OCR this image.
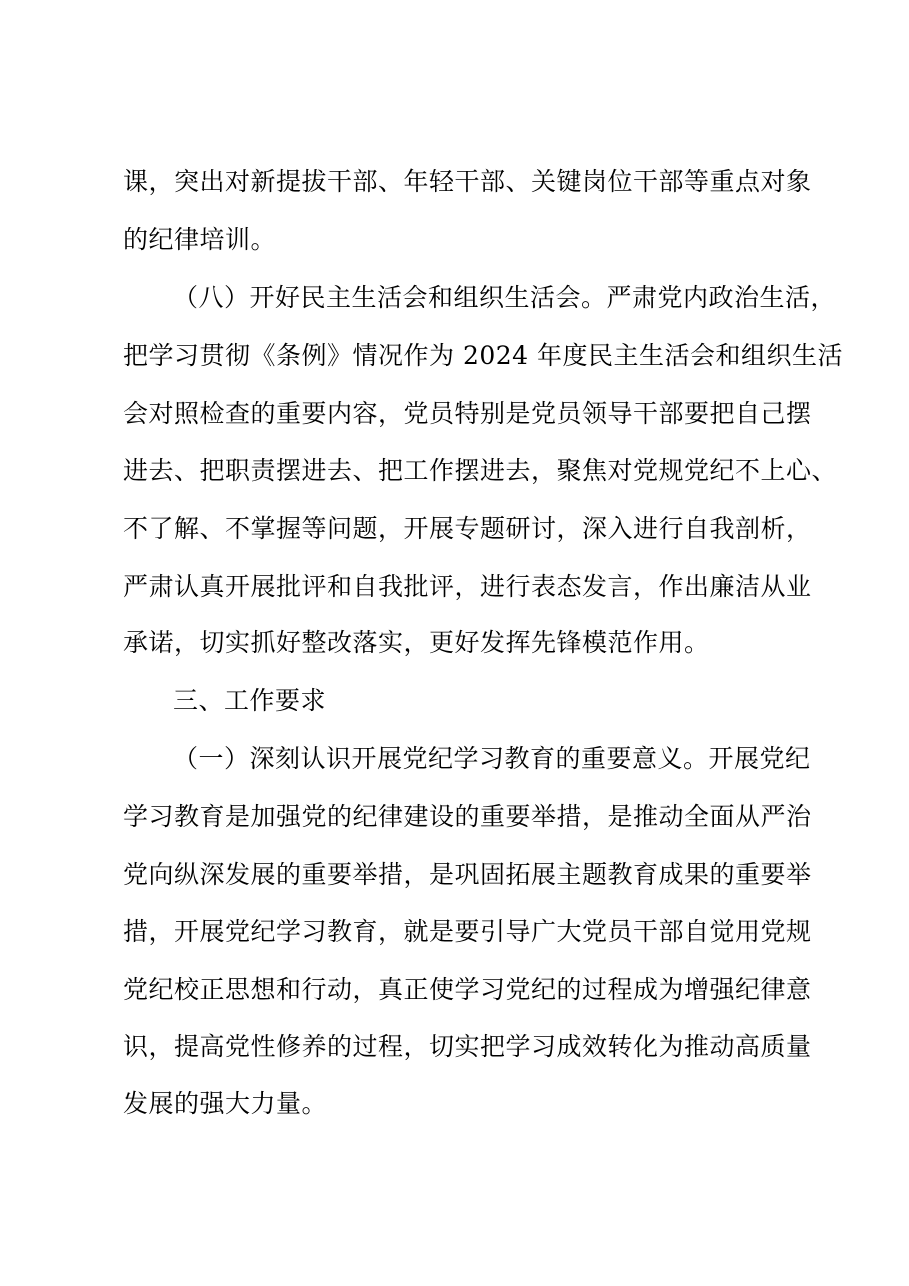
课，突出对新提拔干部、年轻干部、关键岗位干部等重点对象
的纪律培训。
（八）开好民主生活会和组织生活会。严肃党内政治生活，
把学习贯彻《条例》情况作为 2024 年度民主生活会和组织生活
会对照检查的重要内容，党员特别是党员领导干部要把自己摆
进去、把职责摆进去、把工作摆进去，聚焦对党规党纪不上心、
不了解、不掌握等问题，开展专题研讨，深入进行自我剖析，
严肃认真开展批评和自我批评，进行表态发言，作出廉洁从业
承诺，切实抓好整改落实，更好发挥先锋模范作用。
三、工作要求
（一）深刻认识开展党纪学习教育的重要意义。开展党纪
学习教育是加强党的纪律建设的重要举措，是推动全面从严治
党向纵深发展的重要举措，是巩固拓展主题教育成果的重要举
措，开展党纪学习教育，就是要引导广大党员干部自觉用党规
党纪校正思想和行动，真正使学习党纪的过程成为增强纪律意
识，提高党性修养的过程，切实把学习成效转化为推动高质量
发展的强大力量。
